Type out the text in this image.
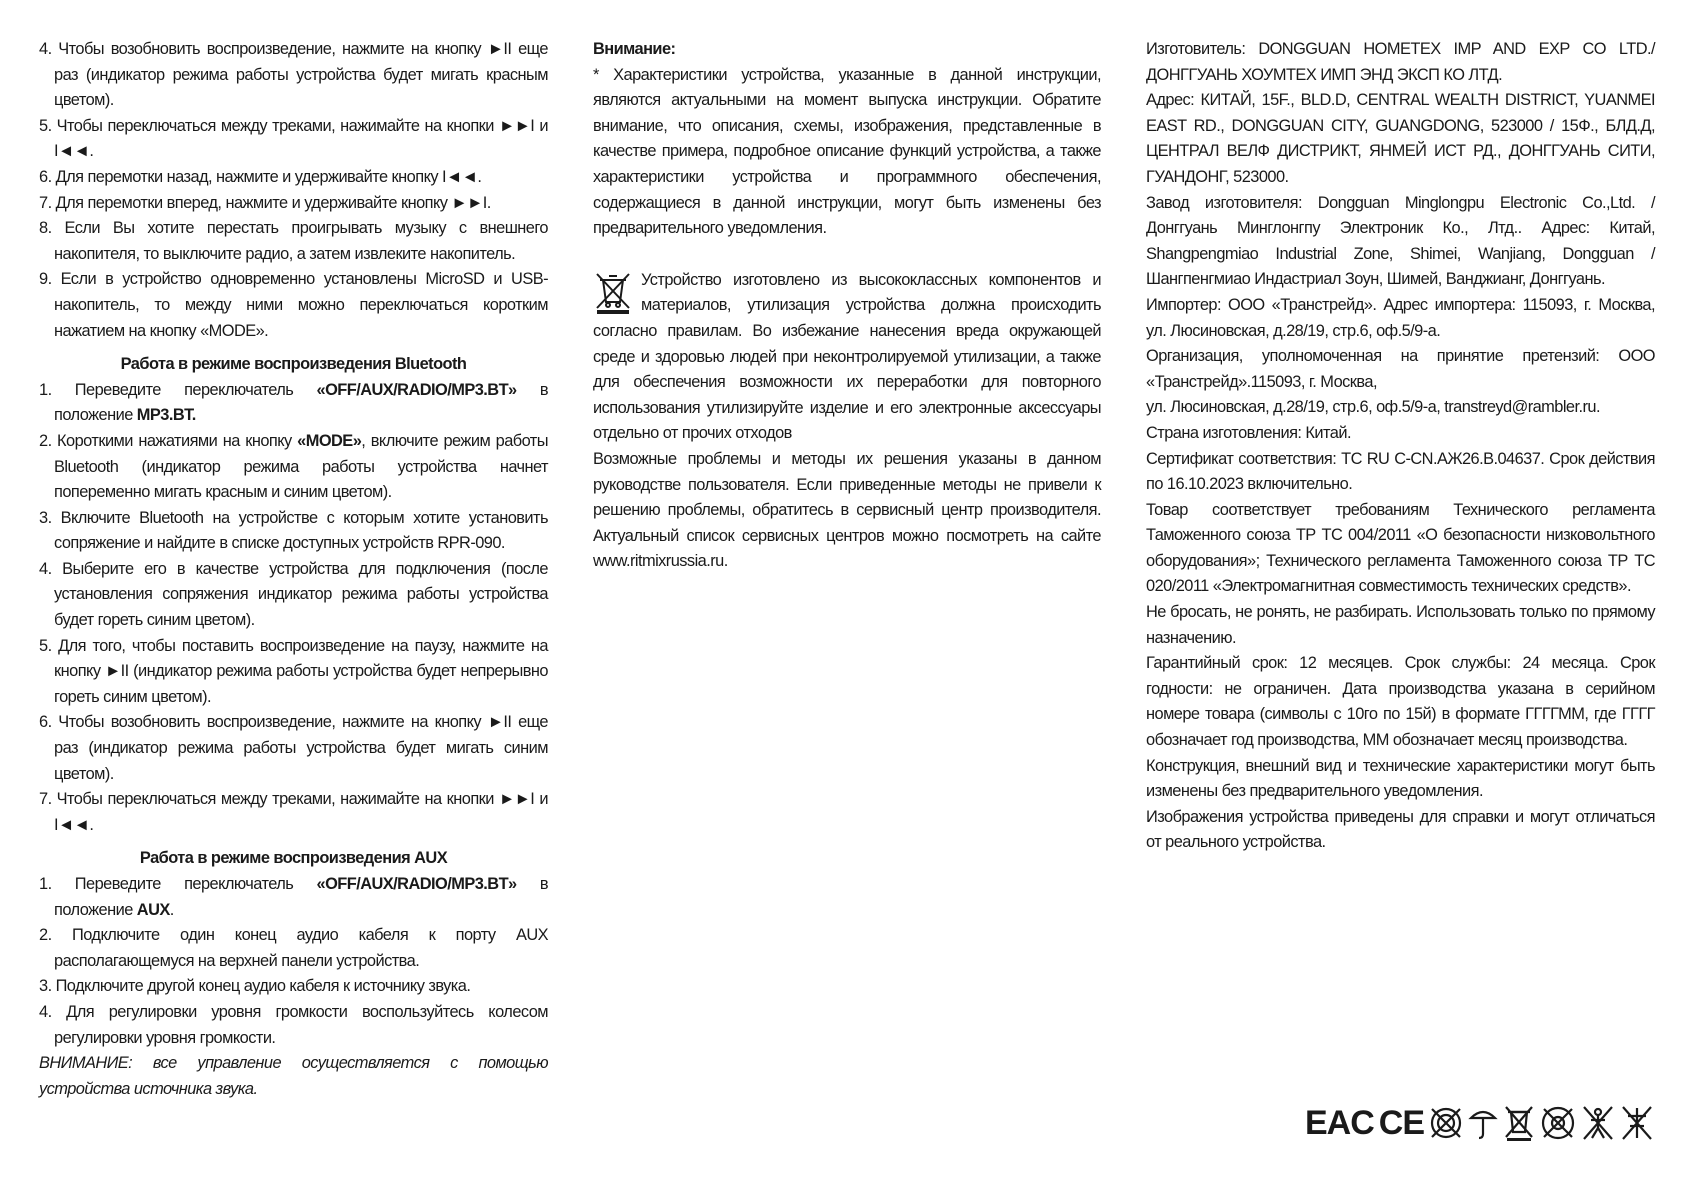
4. Чтобы возобновить воспроизведение, нажмите на кнопку ►II еще раз (индикатор режима работы устройства будет мигать красным цветом).
5. Чтобы переключаться между треками, нажимайте на кнопки ►►I и I◄◄.
6. Для перемотки назад, нажмите и удерживайте кнопку I◄◄.
7. Для перемотки вперед, нажмите и удерживайте кнопку ►►I.
8. Если Вы хотите перестать проигрывать музыку с внешнего накопителя, то выключите радио, а затем извлеките накопитель.
9. Если в устройство одновременно установлены MicroSD и USB-накопитель, то между ними можно переключаться коротким нажатием на кнопку «MODE».
Работа в режиме воспроизведения Bluetooth
1. Переведите переключатель «OFF/AUX/RADIO/MP3.BT» в положение MP3.BT.
2. Короткими нажатиями на кнопку «MODE», включите режим работы Bluetooth (индикатор режима работы устройства начнет попеременно мигать красным и синим цветом).
3. Включите Bluetooth на устройстве с которым хотите установить сопряжение и найдите в списке доступных устройств RPR-090.
4. Выберите его в качестве устройства для подключения (после установления сопряжения индикатор режима работы устройства будет гореть синим цветом).
5. Для того, чтобы поставить воспроизведение на паузу, нажмите на кнопку ►II (индикатор режима работы устройства будет непрерывно гореть синим цветом).
6. Чтобы возобновить воспроизведение, нажмите на кнопку ►II еще раз (индикатор режима работы устройства будет мигать синим цветом).
7. Чтобы переключаться между треками, нажимайте на кнопки ►►I и I◄◄.
Работа в режиме воспроизведения AUX
1. Переведите переключатель «OFF/AUX/RADIO/MP3.BT» в положение AUX.
2. Подключите один конец аудио кабеля к порту AUX располагающемуся на верхней панели устройства.
3. Подключите другой конец аудио кабеля к источнику звука.
4. Для регулировки уровня громкости воспользуйтесь колесом регулировки уровня громкости.

ВНИМАНИЕ: все управление осуществляется с помощью устройства источника звука.

Внимание:

* Характеристики устройства, указанные в данной инструкции, являются актуальными на момент выпуска инструкции. Обратите внимание, что описания, схемы, изображения, представленные в качестве примера, подробное описание функций устройства, а также характеристики устройства и программного обеспечения, содержащиеся в данной инструкции, могут быть изменены без предварительного уведомления.

Устройство изготовлено из высококлассных компонентов и материалов, утилизация устройства должна происходить согласно правилам. Во избежание нанесения вреда окружающей среде и здоровью людей при неконтролируемой утилизации, а также для обеспечения возможности их переработки для повторного использования утилизируйте изделие и его электронные аксессуары отдельно от прочих отходов

Возможные проблемы и методы их решения указаны в данном руководстве пользователя. Если приведенные методы не привели к решению проблемы, обратитесь в сервисный центр производителя. Актуальный список сервисных центров можно посмотреть на сайте www.ritmixrussia.ru.

Изготовитель: DONGGUAN HOMETEX IMP AND EXP CO LTD./ ДОНГГУАНЬ ХОУМТЕХ ИМП ЭНД ЭКСП КО ЛТД.

Адрес: КИТАЙ, 15F., BLD.D, CENTRAL WEALTH DISTRICT, YUANMEI EAST RD., DONGGUAN CITY, GUANGDONG, 523000 / 15Ф., БЛД.Д, ЦЕНТРАЛ ВЕЛФ ДИСТРИКТ, ЯНМЕЙ ИСТ РД., ДОНГГУАНЬ СИТИ, ГУАНДОНГ, 523000.

Завод изготовителя: Dongguan Minglongpu Electronic Co.,Ltd. / Донггуань Минглонгпу Электроник Ко., Лтд.. Адрес: Китай, Shangpengmiao Industrial Zone, Shimei, Wanjiang, Dongguan / Шангпенгмиао Индастриал Зоун, Шимей, Ванджианг, Донггуань.

Импортер: ООО «Транстрейд». Адрес импортера: 115093, г. Москва, ул. Люсиновская, д.28/19, стр.6, оф.5/9-а.

Организация, уполномоченная на принятие претензий: ООО «Транстрейд».115093, г. Москва,

ул. Люсиновская, д.28/19, стр.6, оф.5/9-а, transtreyd@rambler.ru.

Страна изготовления: Китай.

Сертификат соответствия: ТС RU C-CN.АЖ26.В.04637. Срок действия по 16.10.2023 включительно.

Товар соответствует требованиям Технического регламента Таможенного союза ТР ТС 004/2011 «О безопасности низковольтного оборудования»; Технического регламента Таможенного союза ТР ТС 020/2011 «Электромагнитная совместимость технических средств».

Не бросать, не ронять, не разбирать. Использовать только по прямому назначению.

Гарантийный срок: 12 месяцев. Срок службы: 24 месяца. Срок годности: не ограничен. Дата производства указана в серийном номере товара (символы с 10го по 15й) в формате ГГГГММ, где ГГГГ обозначает год производства, ММ обозначает месяц производства.

Конструкция, внешний вид и технические характеристики могут быть изменены без предварительного уведомления.

Изображения устройства приведены для справки и могут отличаться от реального устройства.

EAC CE
